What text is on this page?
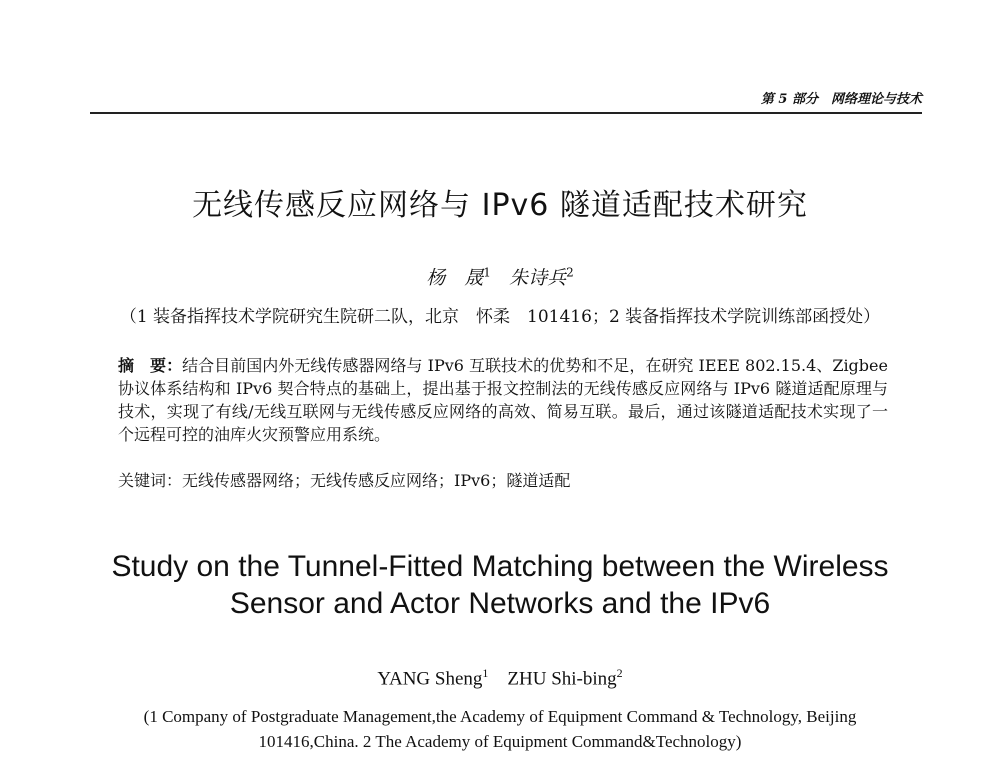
第 5 部分　网络理论与技术
无线传感反应网络与 IPv6 隧道适配技术研究
杨　晟$^1$ 朱诗兵$^2$
（1 装备指挥技术学院研究生院研二队，北京　怀柔　101416；2 装备指挥技术学院训练部函授处）
摘　要：结合目前国内外无线传感器网络与 IPv6 互联技术的优势和不足，在研究 IEEE 802.15.4、Zigbee 协议体系结构和 IPv6 契合特点的基础上，提出基于报文控制法的无线传感反应网络与 IPv6 隧道适配原理与技术，实现了有线/无线互联网与无线传感反应网络的高效、简易互联。最后，通过该隧道适配技术实现了一个远程可控的油库火灾预警应用系统。
关键词：无线传感器网络；无线传感反应网络；IPv6；隧道适配
Study on the Tunnel-Fitted Matching between the Wireless
Sensor and Actor Networks and the IPv6
YANG Sheng$^1$ ZHU Shi-bing$^2$
(1 Company of Postgraduate Management,the Academy of Equipment Command & Technology, Beijing
101416,China. 2 The Academy of Equipment Command&Technology)
